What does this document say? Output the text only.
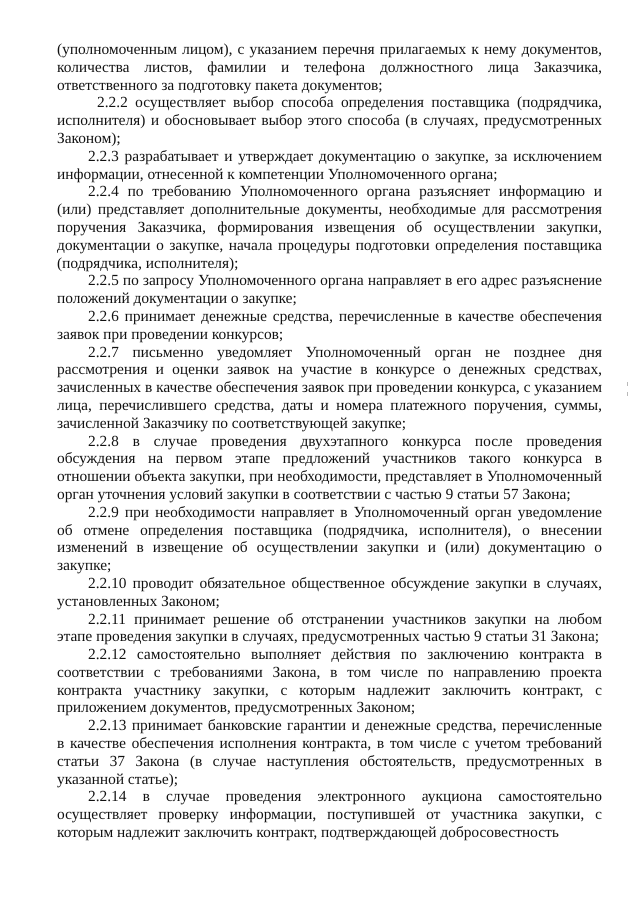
(уполномоченным лицом), с указанием перечня прилагаемых к нему документов, количества листов, фамилии и телефона должностного лица Заказчика, ответственного за подготовку пакета документов;

2.2.2 осуществляет выбор способа определения поставщика (подрядчика, исполнителя) и обосновывает выбор этого способа (в случаях, предусмотренных Законом);

2.2.3 разрабатывает и утверждает документацию о закупке, за исключением информации, отнесенной к компетенции Уполномоченного органа;

2.2.4 по требованию Уполномоченного органа разъясняет информацию и (или) представляет дополнительные документы, необходимые для рассмотрения поручения Заказчика, формирования извещения об осуществлении закупки, документации о закупке, начала процедуры подготовки определения поставщика (подрядчика, исполнителя);

2.2.5 по запросу Уполномоченного органа направляет в его адрес разъяснение положений документации о закупке;

2.2.6 принимает денежные средства, перечисленные в качестве обеспечения заявок при проведении конкурсов;

2.2.7 письменно уведомляет Уполномоченный орган не позднее дня рассмотрения и оценки заявок на участие в конкурсе о денежных средствах, зачисленных в качестве обеспечения заявок при проведении конкурса, с указанием лица, перечислившего средства, даты и номера платежного поручения, суммы, зачисленной Заказчику по соответствующей закупке;

2.2.8 в случае проведения двухэтапного конкурса после проведения обсуждения на первом этапе предложений участников такого конкурса в отношении объекта закупки, при необходимости, представляет в Уполномоченный орган уточнения условий закупки в соответствии с частью 9 статьи 57 Закона;

2.2.9 при необходимости направляет в Уполномоченный орган уведомление об отмене определения поставщика (подрядчика, исполнителя), о внесении изменений в извещение об осуществлении закупки и (или) документацию о закупке;

2.2.10 проводит обязательное общественное обсуждение закупки в случаях, установленных Законом;

2.2.11 принимает решение об отстранении участников закупки на любом этапе проведения закупки в случаях, предусмотренных частью 9 статьи 31 Закона;

2.2.12 самостоятельно выполняет действия по заключению контракта в соответствии с требованиями Закона, в том числе по направлению проекта контракта участнику закупки, с которым надлежит заключить контракт, с приложением документов, предусмотренных Законом;

2.2.13 принимает банковские гарантии и денежные средства, перечисленные в качестве обеспечения исполнения контракта, в том числе с учетом требований статьи 37 Закона (в случае наступления обстоятельств, предусмотренных в указанной статье);

2.2.14 в случае проведения электронного аукциона самостоятельно осуществляет проверку информации, поступившей от участника закупки, с которым надлежит заключить контракт, подтверждающей добросовестность
